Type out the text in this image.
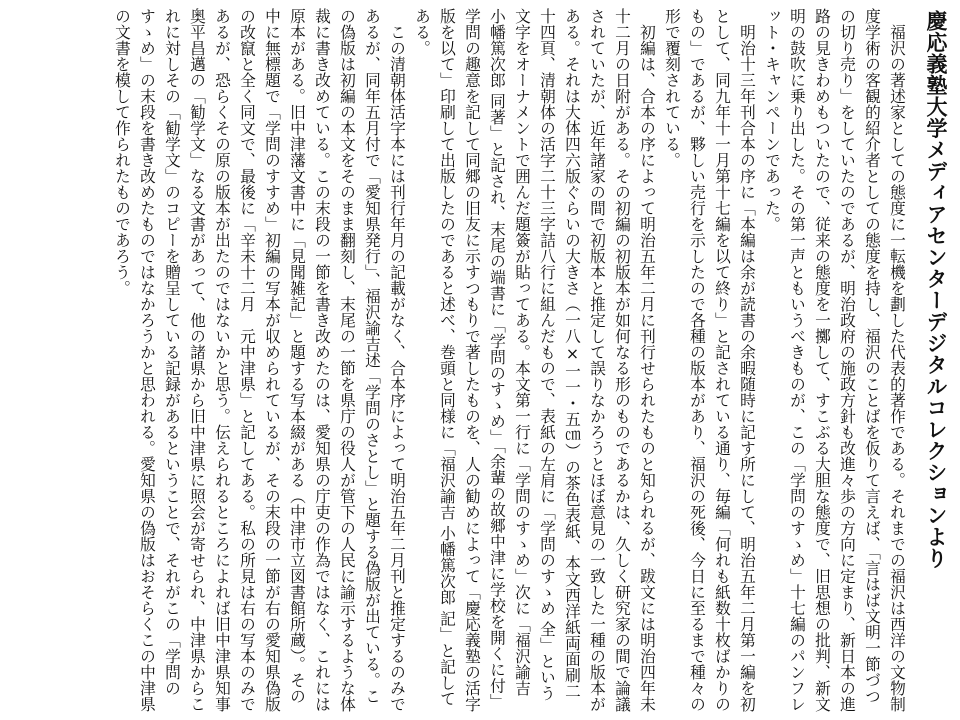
慶応義塾大学メディアセンターデジタルコレクションより

福沢の著述家としての態度に一転機を劃した代表的著作である。それまでの福沢は西洋の文物制度学術の客観的紹介者としての態度を持し、福沢のことばを仮りて言えば、「言はば文明一節づつの切り売り」をしていたのであるが、明治政府の施政方針も改進々歩の方向に定まり、新日本の進路の見きわめもついたので、従来の態度を一擲して、すこぶる大胆な態度で、旧思想の批判、新文明の鼓吹に乗り出した。その第一声ともいうべきものが、この「学問のすゝめ」十七編のパンフレット・キャンペーンであった。

明治十三年刊合本の序に「本編は余が読書の余暇随時に記す所にして、明治五年二月第一編を初として、同九年十一月第十七編を以て終り」と記されている通り、毎編「何れも紙数十枚ばかりのもの」であるが、夥しい売行を示したので各種の版本があり、福沢の死後、今日に至るまで種々の形で覆刻されている。

初編は、合本の序によって明治五年二月に刊行せられたものと知られるが、跋文には明治四年未十二月の日附がある。その初編の初版本が如何なる形のものであるかは、久しく研究家の間で論議されていたが、近年諸家の間で初版本と推定して誤りなかろうとほぼ意見の一致した一種の版本がある。それは大体四六版ぐらいの大きさ（一八×一一・五㎝）の茶色表紙、本文西洋紙両面刷二十四頁、清朝体の活字二十三字詰八行に組んだもので、表紙の左肩に「学問のすゝめ 全」という文字をオーナメントで囲んだ題簽が貼ってある。本文第一行に「学問のすゝめ」次に「福沢諭吉 小幡篤次郎 同著」と記され、末尾の端書に「学問のすゝめ」「余輩の故郷中津に学校を開くに付」学問の趣意を記して同郷の旧友に示すつもりで著したものを、人の勧めによって「慶応義塾の活字版を以て」印刷して出版したのであると述べ、巻頭と同様に「福沢諭吉 小幡篤次郎 記」と記してある。

この清朝体活字本には刊行年月の記載がなく、合本序によって明治五年二月刊と推定するのみであるが、同年五月付で「愛知県発行」、福沢諭吉述「学問のさとし」と題する偽版が出ている。この偽版は初編の本文をそのまま翻刻し、末尾の一節を県庁の役人が管下の人民に諭示するような体裁に書き改めている。この末段の一節を書き改めたのは、愛知県の庁吏の作為ではなく、これには原本がある。旧中津藩文書中に「見聞雑記」と題する写本綴がある（中津市立図書館所蔵）。その中に無標題で「学問のすすめ」初編の写本が収められているが、その末段の一節が右の愛知県偽版の改竄と全く同文で、最後に「辛未十二月　元中津県」と記してある。私の所見は右の写本のみであるが、恐らくその原の版本が出たのではないかと思う。伝えられるところによれば旧中津県知事奥平昌邁の「勧学文」なる文書があって、他の諸県から旧中津県に照会が寄せられ、中津県からこれに対しその「勧学文」のコピーを贈呈している記録があるということで、それがこの「学問のすゝめ」の末段を書き改めたものではなかろうかと思われる。愛知県の偽版はおそらくこの中津県の文書を模して作られたものであろう。
